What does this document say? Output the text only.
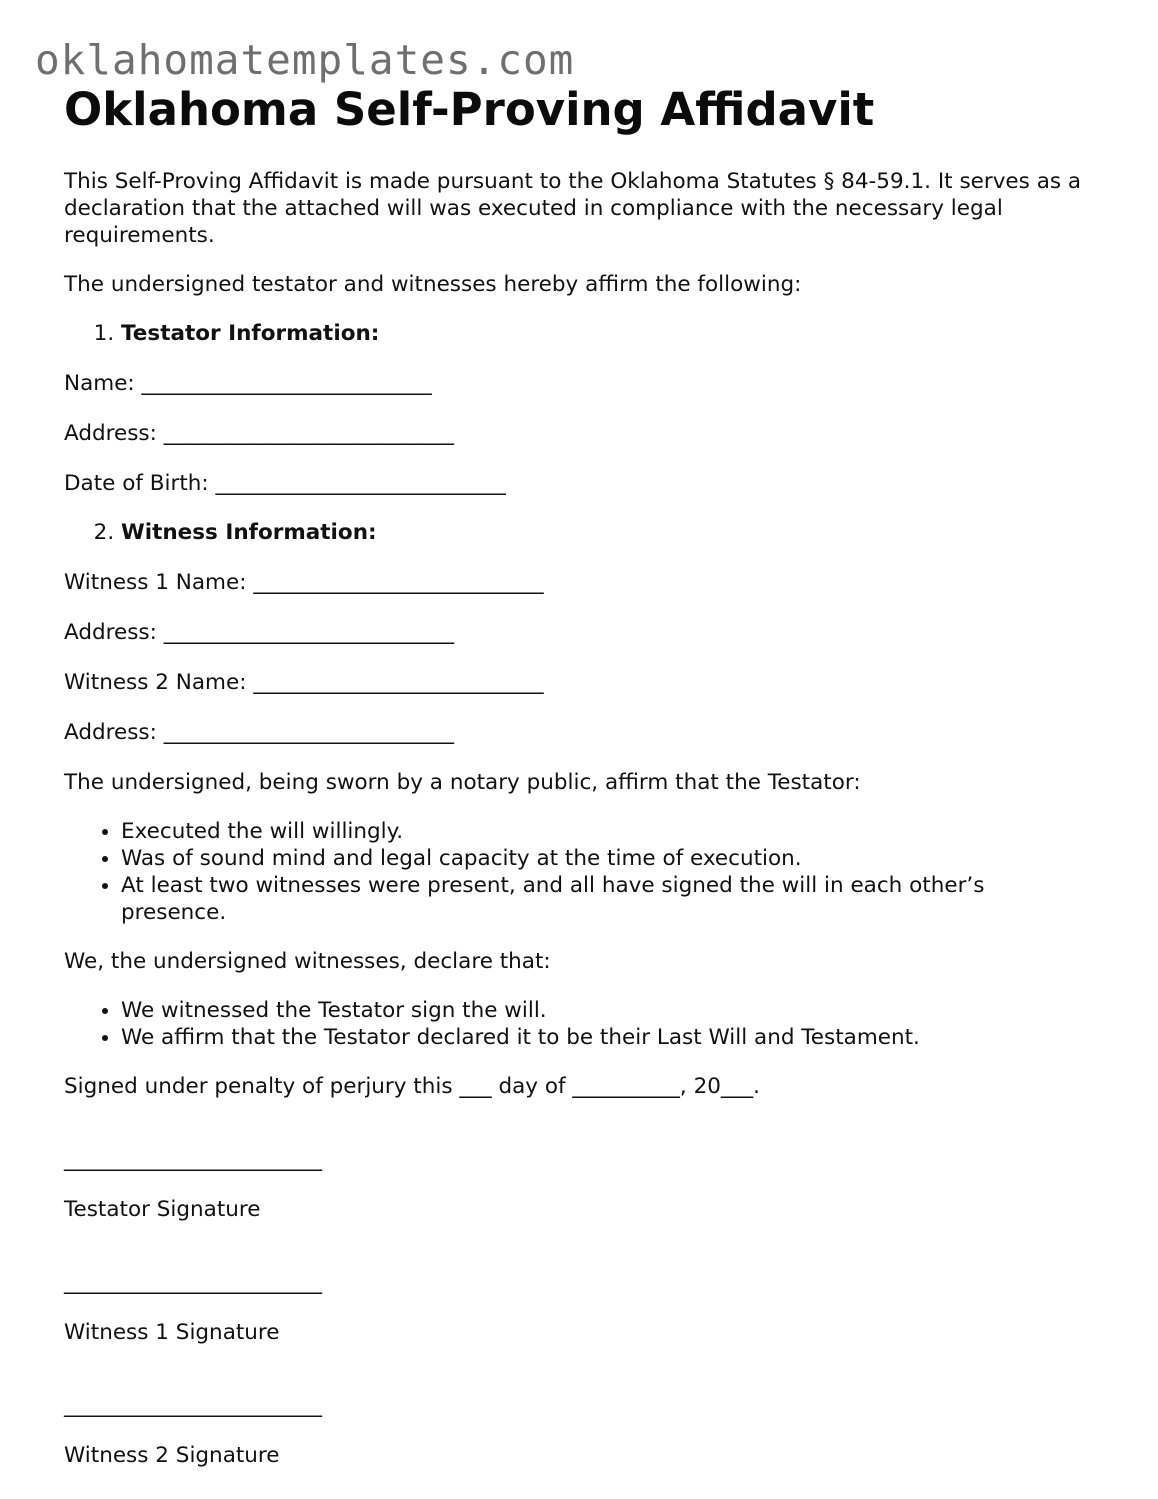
oklahomatemplates.com
Oklahoma Self-Proving Affidavit

This Self-Proving Affidavit is made pursuant to the Oklahoma Statutes § 84-59.1. It serves as a declaration that the attached will was executed in compliance with the necessary legal requirements.

The undersigned testator and witnesses hereby affirm the following:

1. Testator Information:

Name: ___________________________

Address: ___________________________

Date of Birth: ___________________________

2. Witness Information:

Witness 1 Name: ___________________________

Address: ___________________________

Witness 2 Name: ___________________________

Address: ___________________________

The undersigned, being sworn by a notary public, affirm that the Testator:

• Executed the will willingly.
• Was of sound mind and legal capacity at the time of execution.
• At least two witnesses were present, and all have signed the will in each other’s presence.

We, the undersigned witnesses, declare that:

• We witnessed the Testator sign the will.
• We affirm that the Testator declared it to be their Last Will and Testament.

Signed under penalty of perjury this ___ day of __________, 20___.

________________________

Testator Signature

________________________

Witness 1 Signature

________________________

Witness 2 Signature
